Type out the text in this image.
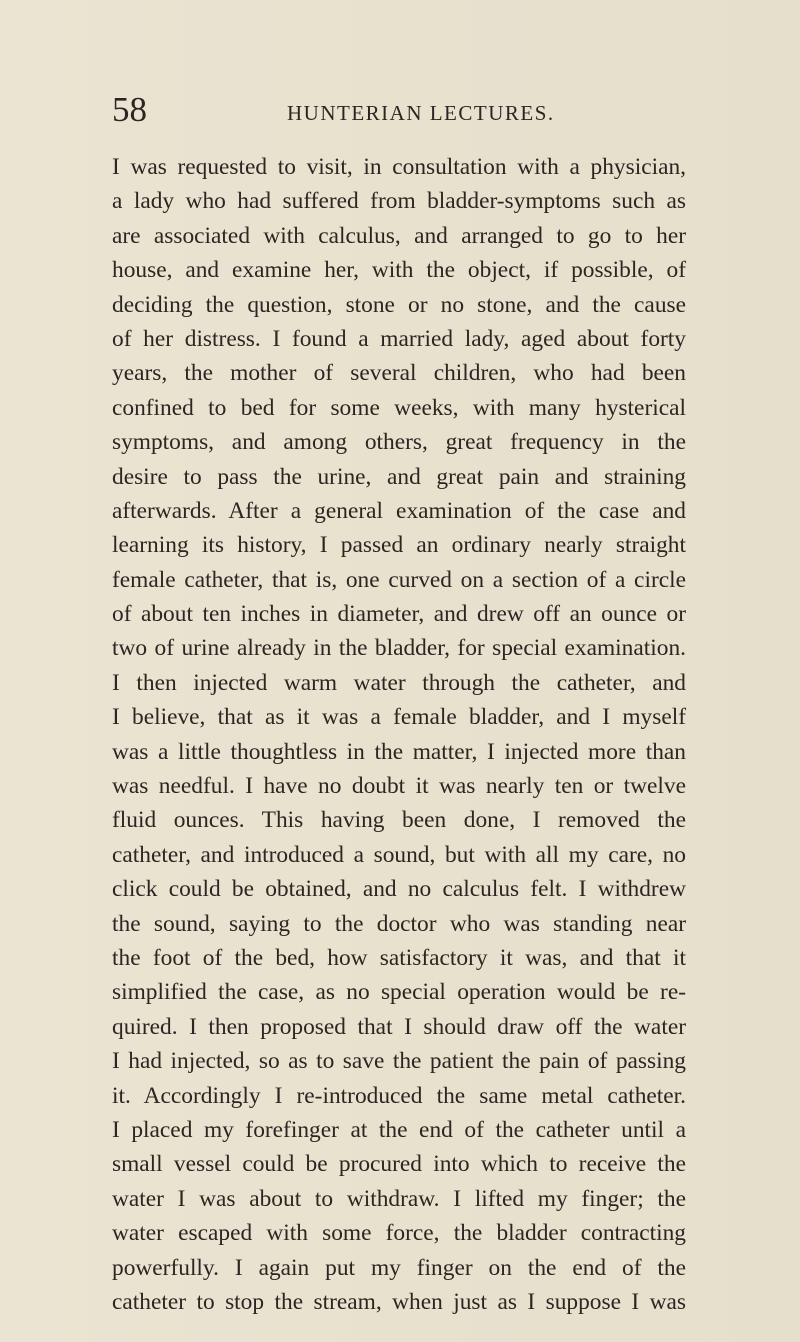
58	HUNTERIAN LECTURES.
I was requested to visit, in consultation with a physician,
a lady who had suffered from bladder-symptoms such as
are associated with calculus, and arranged to go to her
house, and examine her, with the object, if possible, of
deciding the question, stone or no stone, and the cause
of her distress. I found a married lady, aged about forty
years, the mother of several children, who had been
confined to bed for some weeks, with many hysterical
symptoms, and among others, great frequency in the
desire to pass the urine, and great pain and straining
afterwards. After a general examination of the case and
learning its history, I passed an ordinary nearly straight
female catheter, that is, one curved on a section of a circle
of about ten inches in diameter, and drew off an ounce or
two of urine already in the bladder, for special examination.
I then injected warm water through the catheter, and
I believe, that as it was a female bladder, and I myself
was a little thoughtless in the matter, I injected more than
was needful. I have no doubt it was nearly ten or twelve
fluid ounces. This having been done, I removed the
catheter, and introduced a sound, but with all my care, no
click could be obtained, and no calculus felt. I withdrew
the sound, saying to the doctor who was standing near
the foot of the bed, how satisfactory it was, and that it
simplified the case, as no special operation would be re-
quired. I then proposed that I should draw off the water
I had injected, so as to save the patient the pain of passing
it. Accordingly I re-introduced the same metal catheter.
I placed my forefinger at the end of the catheter until a
small vessel could be procured into which to receive the
water I was about to withdraw. I lifted my finger; the
water escaped with some force, the bladder contracting
powerfully. I again put my finger on the end of the
catheter to stop the stream, when just as I suppose I was
